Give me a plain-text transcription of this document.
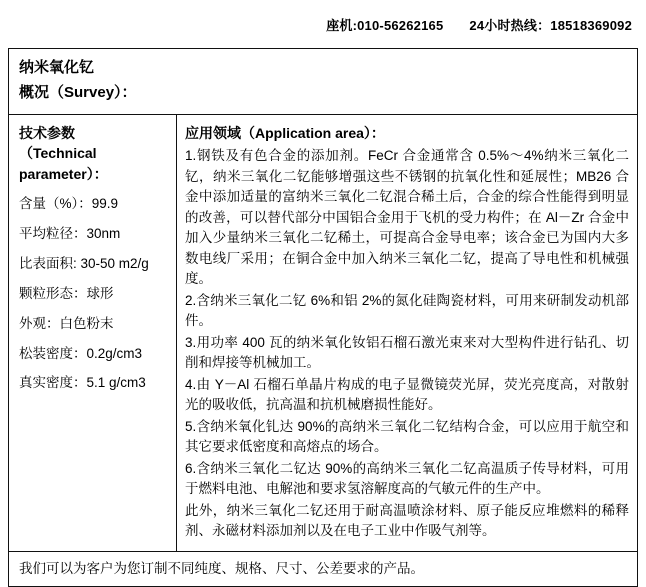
座机:010-56262165 24小时热线：18518369092
纳米氧化钇
概况（Survey）：
技术参数
（Technical parameter）：
含量（%）：99.9
平均粒径：30nm
比表面积: 30-50 m2/g
颗粒形态：球形
外观：白色粉末
松装密度：0.2g/cm3
真实密度：5.1 g/cm3
应用领域（Application area）：

1.钢铁及有色合金的添加剂。FeCr 合金通常含 0.5%～4%纳米三氧化二钇，纳米三氧化二钇能够增强这些不锈钢的抗氧化性和延展性；MB26 合金中添加适量的富纳米三氧化二钇混合稀土后，合金的综合性能得到明显的改善，可以替代部分中国铝合金用于飞机的受力构件；在 Al－Zr 合金中加入少量纳米三氧化二钇稀土，可提高合金导电率；该合金已为国内大多数电线厂采用；在铜合金中加入纳米三氧化二钇，提高了导电性和机械强度。

2.含纳米三氧化二钇 6%和铝 2%的氮化硅陶瓷材料，可用来研制发动机部件。

3.用功率 400 瓦的纳米氧化钕铝石榴石激光束来对大型构件进行钻孔、切削和焊接等机械加工。

4.由 Y－Al 石榴石单晶片构成的电子显微镜荧光屏，荧光亮度高，对散射光的吸收低，抗高温和抗机械磨损性能好。

5.含纳米氧化钆达 90%的高纳米三氧化二钇结构合金，可以应用于航空和其它要求低密度和高熔点的场合。

6.含纳米三氧化二钇达 90%的高纳米三氧化二钇高温质子传导材料，可用于燃料电池、电解池和要求氢溶解度高的气敏元件的生产中。

此外，纳米三氧化二钇还用于耐高温喷涂材料、原子能反应堆燃料的稀释剂、永磁材料添加剂以及在电子工业中作吸气剂等。

我们可以为客户为您订制不同纯度、规格、尺寸、公差要求的产品。
